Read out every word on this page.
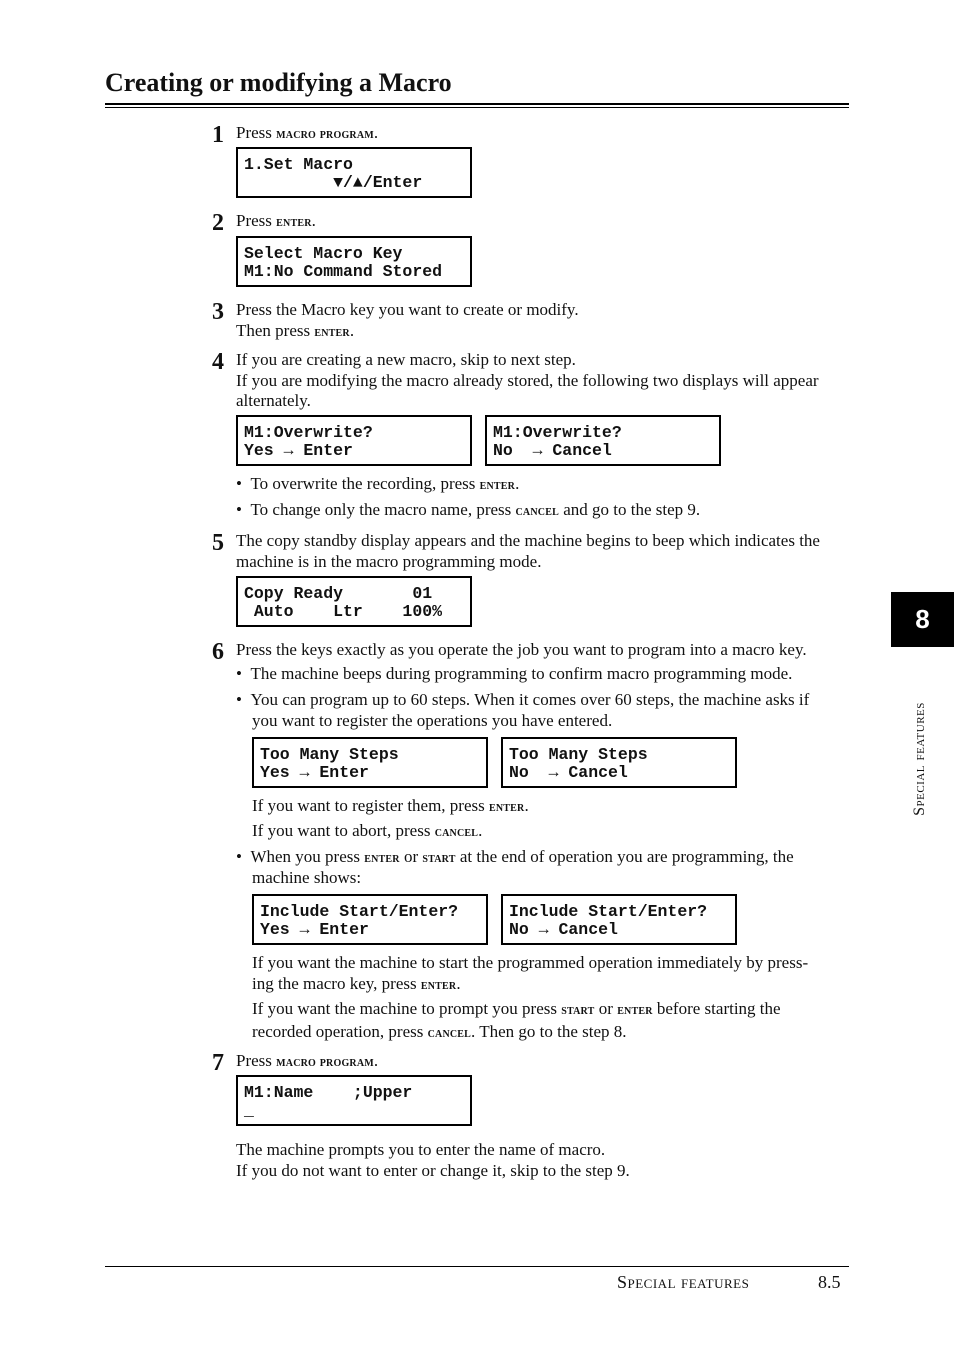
Creating or modifying a Macro
1 Press macro program.
1.Set Macro
▼/▲/Enter
2 Press enter.
Select Macro Key
M1:No Command Stored
3 Press the Macro key you want to create or modify.
Then press enter.
4 If you are creating a new macro, skip to next step.
If you are modifying the macro already stored, the following two displays will appear
alternately.
M1:Overwrite?
Yes → Enter
M1:Overwrite?
No  → Cancel
•  To overwrite the recording, press enter.
•  To change only the macro name, press cancel and go to the step 9.
5 The copy standby display appears and the machine begins to beep which indicates the
machine is in the macro programming mode.
Copy Ready       01
Auto    Ltr    100%
6 Press the keys exactly as you operate the job you want to program into a macro key.
•  The machine beeps during programming to confirm macro programming mode.
•  You can program up to 60 steps. When it comes over 60 steps, the machine asks if
you want to register the operations you have entered.
Too Many Steps
Yes → Enter
Too Many Steps
No  → Cancel
If you want to register them, press enter.
If you want to abort, press cancel.
•  When you press enter or start at the end of operation you are programming, the
machine shows:
Include Start/Enter?
Yes → Enter
Include Start/Enter?
No → Cancel
If you want the machine to start the programmed operation immediately by press-
ing the macro key, press enter.
If you want the machine to prompt you press start or enter before starting the
recorded operation, press cancel. Then go to the step 8.
7 Press macro program.
M1:Name    ;Upper
_
The machine prompts you to enter the name of macro.
If you do not want to enter or change it, skip to the step 9.
8
Special features
Special features	8.5
